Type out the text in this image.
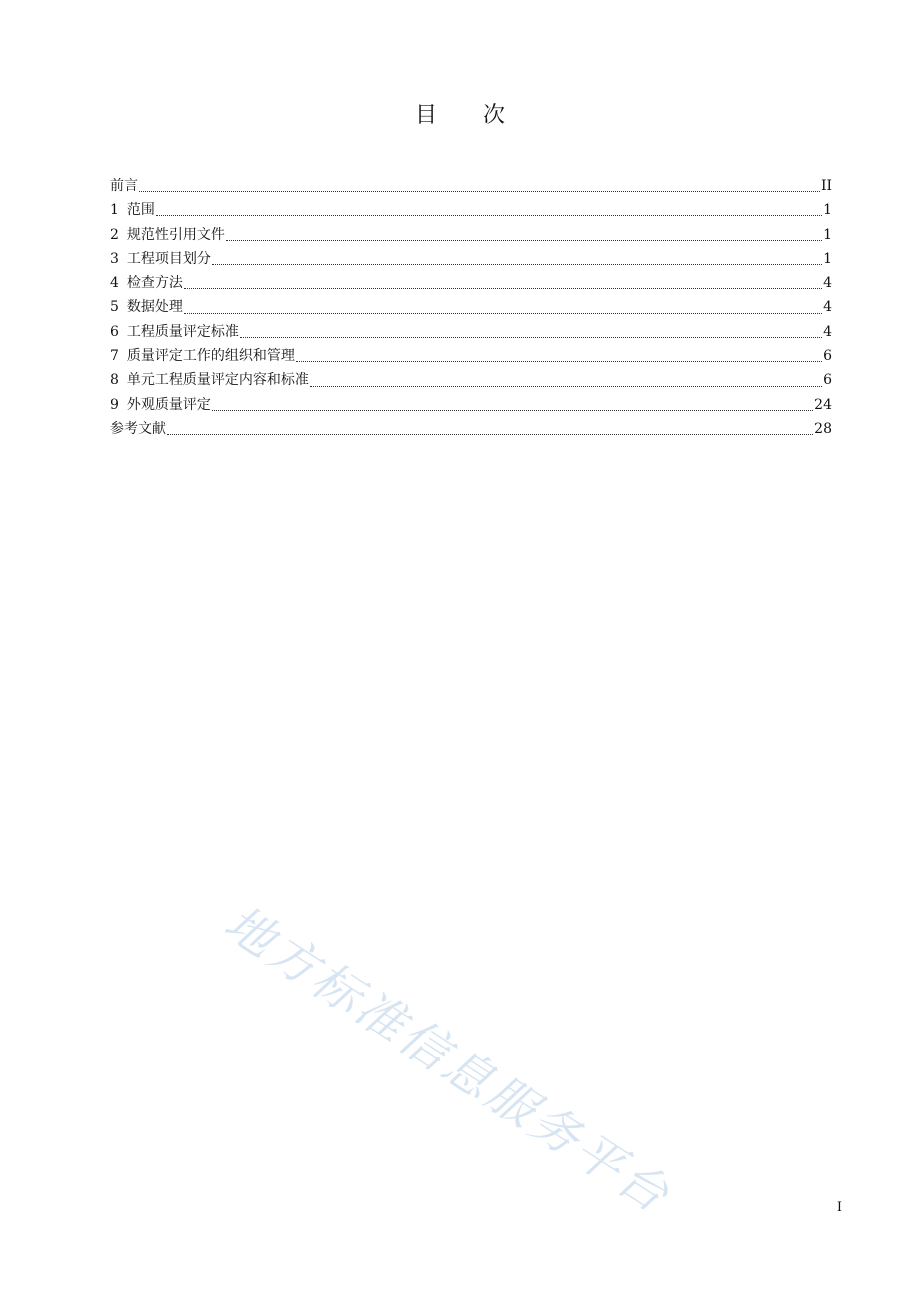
目次
前言	II
1 范围	1
2 规范性引用文件	1
3 工程项目划分	1
4 检查方法	4
5 数据处理	4
6 工程质量评定标准	4
7 质量评定工作的组织和管理	6
8 单元工程质量评定内容和标准	6
9 外观质量评定	24
参考文献	28
地方标准信息服务平台	I
